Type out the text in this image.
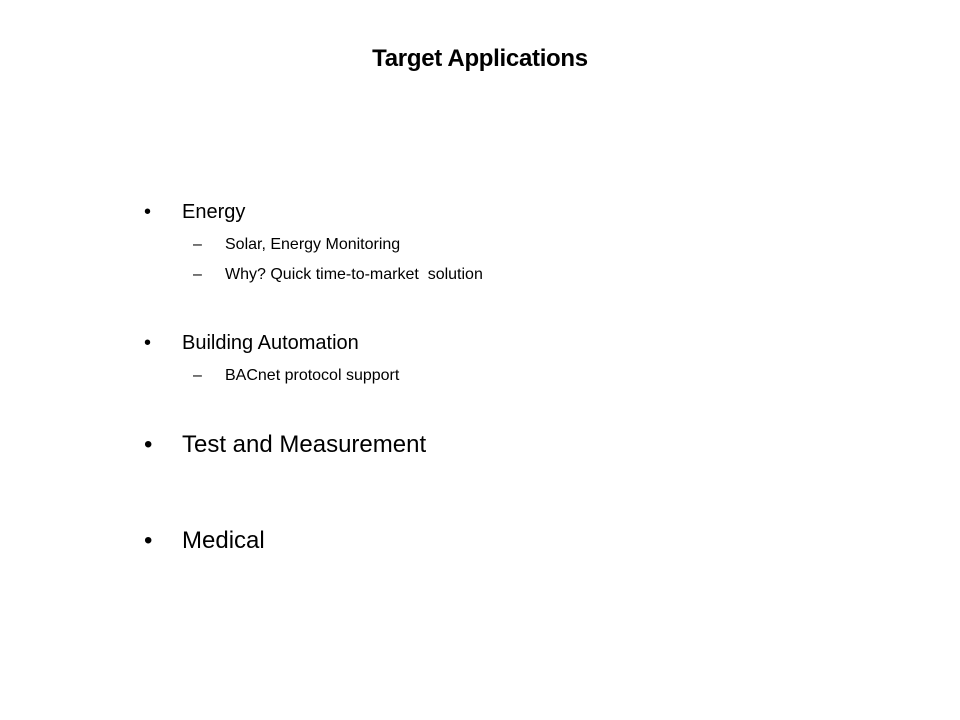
Target Applications
• Energy
– Solar, Energy Monitoring
– Why? Quick time-to-market  solution
• Building Automation
– BACnet protocol support
• Test and Measurement
• Medical
